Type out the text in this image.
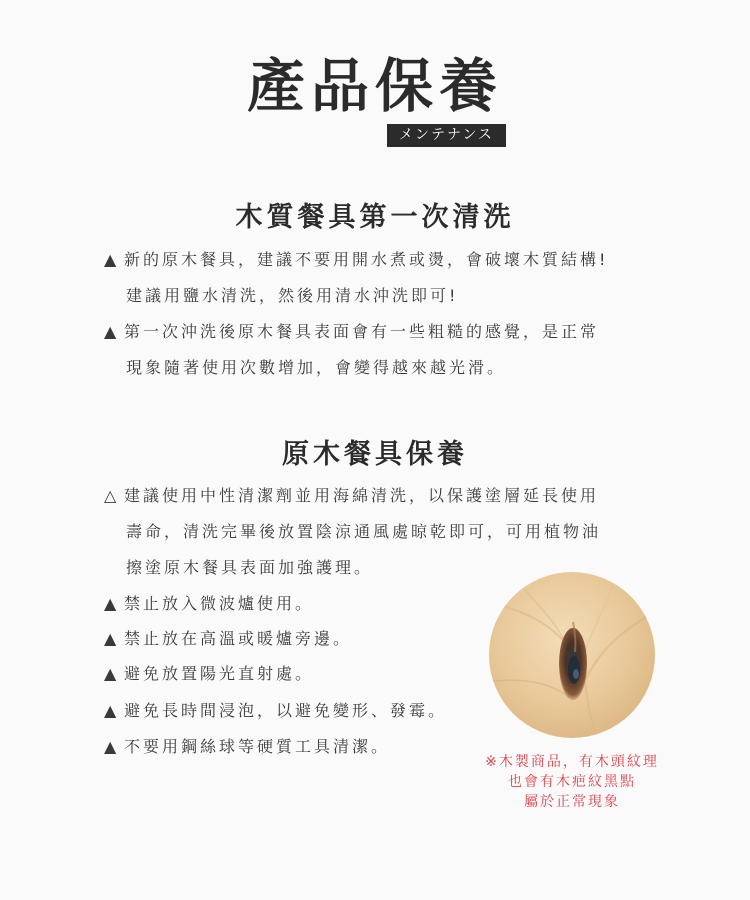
產品保養
メンテナンス
木質餐具第一次清洗
▲ 新的原木餐具，建議不要用開水煮或燙，會破壞木質結構!
建議用鹽水清洗，然後用清水沖洗即可!
▲ 第一次沖洗後原木餐具表面會有一些粗糙的感覺，是正常
現象隨著使用次數增加，會變得越來越光滑。
原木餐具保養
△ 建議使用中性清潔劑並用海綿清洗，以保護塗層延長使用
壽命，清洗完畢後放置陰涼通風處晾乾即可，可用植物油
擦塗原木餐具表面加強護理。
▲ 禁止放入微波爐使用。
▲ 禁止放在高溫或暖爐旁邊。
▲ 避免放置陽光直射處。
▲ 避免長時間浸泡，以避免變形、發霉。
▲ 不要用鋼絲球等硬質工具清潔。
※木製商品，有木頭紋理
也會有木疤紋黑點
屬於正常現象
